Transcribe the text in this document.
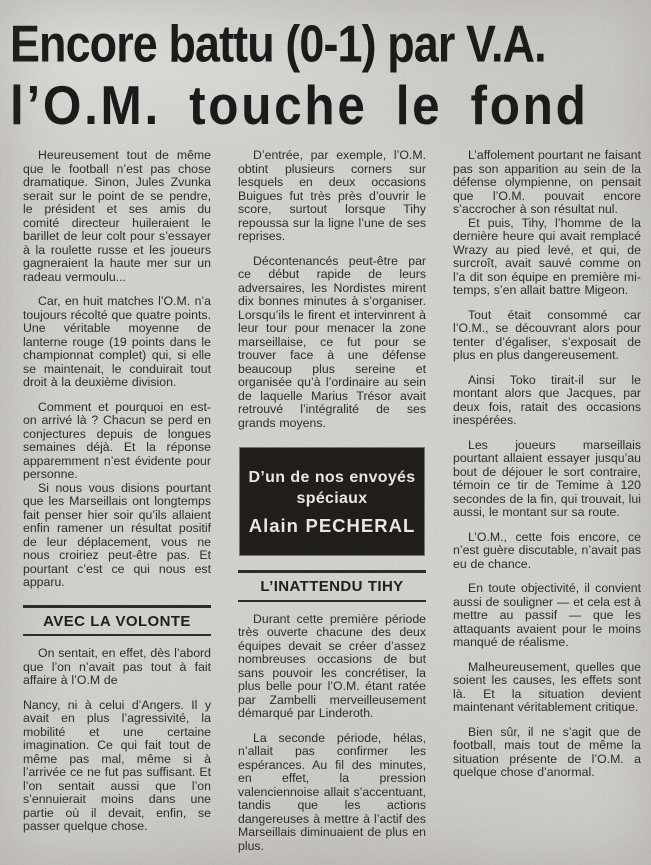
Encore battu (0-1) par V.A.
l’O.M. touche le fond

Heureusement tout de même que le football n’est pas chose dramatique. Sinon, Jules Zvunka serait sur le point de se pendre, le président et ses amis du comité directeur huileraient le barillet de leur colt pour s’essayer à la roulette russe et les joueurs gagneraient la haute mer sur un radeau vermoulu...

Car, en huit matches l’O.M. n’a toujours récolté que quatre points. Une véritable moyenne de lanterne rouge (19 points dans le championnat complet) qui, si elle se maintenait, le conduirait tout droit à la deuxième division.

Comment et pourquoi en est-on arrivé là ? Chacun se perd en conjectures depuis de longues semaines déjà. Et la réponse apparemment n’est évidente pour personne.

Si nous vous disions pourtant que les Marseillais ont longtemps fait penser hier soir qu’ils allaient enfin ramener un résultat positif de leur déplacement, vous ne nous croiriez peut-être pas. Et pourtant c’est ce qui nous est apparu.

AVEC LA VOLONTE

On sentait, en effet, dès l’abord que l’on n’avait pas tout à fait affaire à l’O.M de

Nancy, ni à celui d’Angers. Il y avait en plus l’agressivité, la mobilité et une certaine imagination. Ce qui fait tout de même pas mal, même si à l’arrivée ce ne fut pas suffisant. Et l’on sentait aussi que l’on s’ennuierait moins dans une partie où il devait, enfin, se passer quelque chose.

D’entrée, par exemple, l’O.M. obtint plusieurs corners sur lesquels en deux occasions Buigues fut très près d’ouvrir le score, surtout lorsque Tihy repoussa sur la ligne l’une de ses reprises.

Décontenancés peut-être par ce début rapide de leurs adversaires, les Nordistes mirent dix bonnes minutes à s’organiser. Lorsqu’ils le firent et intervinrent à leur tour pour menacer la zone marseillaise, ce fut pour se trouver face à une défense beaucoup plus sereine et organisée qu’à l’ordinaire au sein de laquelle Marius Trésor avait retrouvé l’intégralité de ses grands moyens.

D’un de nos envoyés
spéciaux
Alain PECHERAL
L’INATTENDU TIHY

Durant cette première période très ouverte chacune des deux équipes devait se créer d’assez nombreuses occasions de but sans pouvoir les concrétiser, la plus belle pour l’O.M. étant ratée par Zambelli merveilleusement démarqué par Linderoth.

La seconde période, hélas, n’allait pas confirmer les espérances. Au fil des minutes, en effet, la pression valenciennoise allait s’accentuant, tandis que les actions dangereuses à mettre à l’actif des Marseillais diminuaient de plus en plus.

L’affolement pourtant ne faisant pas son apparition au sein de la défense olympienne, on pensait que l’O.M. pouvait encore s’accrocher à son résultat nul.

Et puis, Tihy, l’homme de la dernière heure qui avait remplacé Wrazy au pied levé, et qui, de surcroît, avait sauvé comme on l’a dit son équipe en première mi-temps, s’en allait battre Migeon.

Tout était consommé car l’O.M., se découvrant alors pour tenter d’égaliser, s’exposait de plus en plus dangereusement.

Ainsi Toko tirait-il sur le montant alors que Jacques, par deux fois, ratait des occasions inespérées.

Les joueurs marseillais pourtant allaient essayer jusqu’au bout de déjouer le sort contraire, témoin ce tir de Temime à 120 secondes de la fin, qui trouvait, lui aussi, le montant sur sa route.

L’O.M., cette fois encore, ce n’est guère discutable, n’avait pas eu de chance.

En toute objectivité, il convient aussi de souligner — et cela est à mettre au passif — que les attaquants avaient pour le moins manqué de réalisme.

Malheureusement, quelles que soient les causes, les effets sont là. Et la situation devient maintenant véritablement critique.

Bien sûr, il ne s’agit que de football, mais tout de même la situation présente de l’O.M. a quelque chose d’anormal.
